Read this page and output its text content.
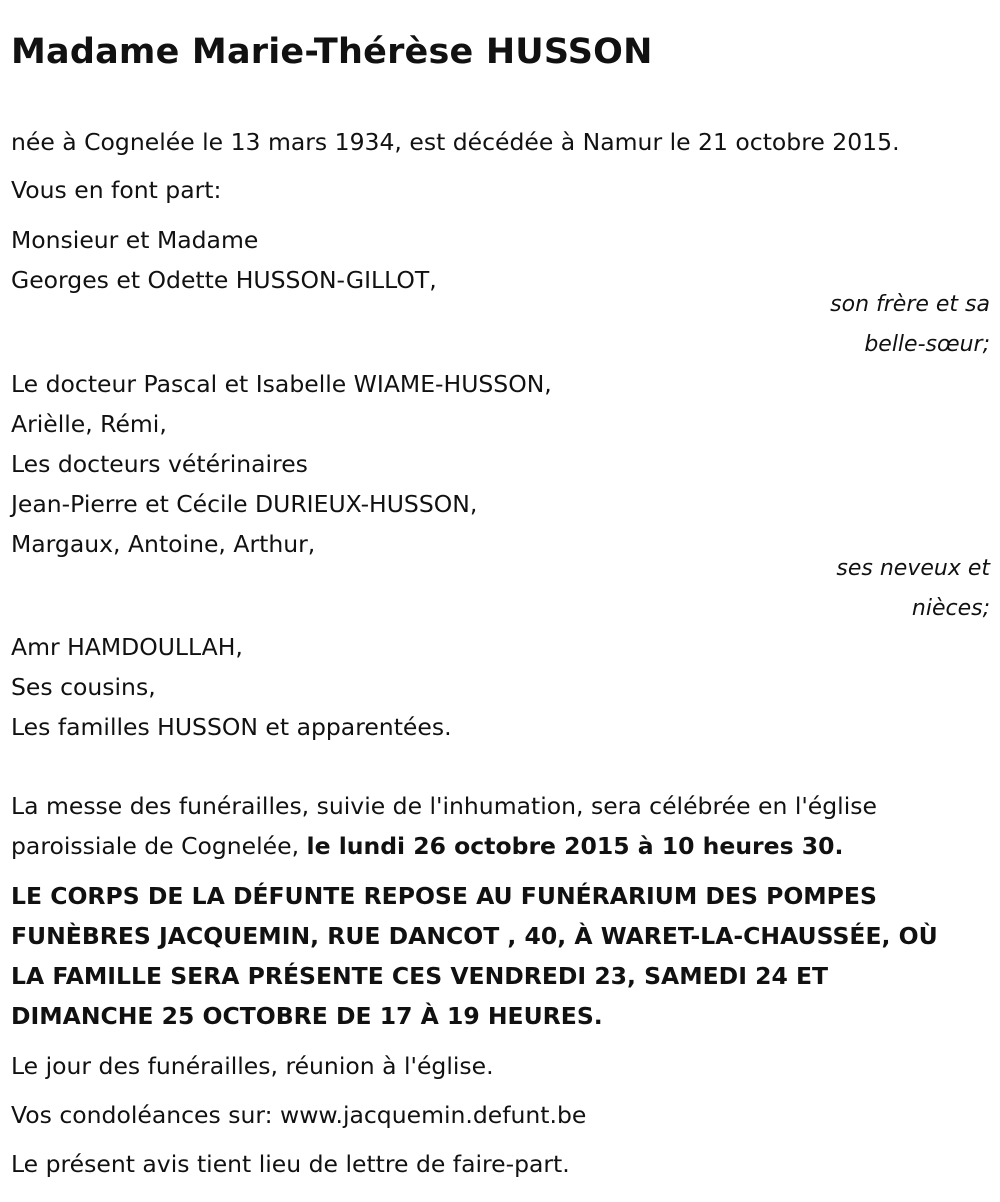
Madame Marie-Thérèse HUSSON
née à Cognelée le 13 mars 1934, est décédée à Namur le 21 octobre 2015.
Vous en font part:
Monsieur et Madame
Georges et Odette HUSSON-GILLOT,
son frère et sa
belle-sœur;
Le docteur Pascal et Isabelle WIAME-HUSSON,
Arièlle, Rémi,
Les docteurs vétérinaires
Jean-Pierre et Cécile DURIEUX-HUSSON,
Margaux, Antoine, Arthur,
ses neveux et
nièces;
Amr HAMDOULLAH,
Ses cousins,
Les familles HUSSON et apparentées.
La messe des funérailles, suivie de l'inhumation, sera célébrée en l'église
paroissiale de Cognelée, le lundi 26 octobre 2015 à 10 heures 30.
LE CORPS DE LA DÉFUNTE REPOSE AU FUNÉRARIUM DES POMPES
FUNÈBRES JACQUEMIN, RUE DANCOT , 40, À WARET-LA-CHAUSSÉE, OÙ
LA FAMILLE SERA PRÉSENTE CES VENDREDI 23, SAMEDI 24 ET
DIMANCHE 25 OCTOBRE DE 17 À 19 HEURES.
Le jour des funérailles, réunion à l'église.
Vos condoléances sur: www.jacquemin.defunt.be
Le présent avis tient lieu de lettre de faire-part.
